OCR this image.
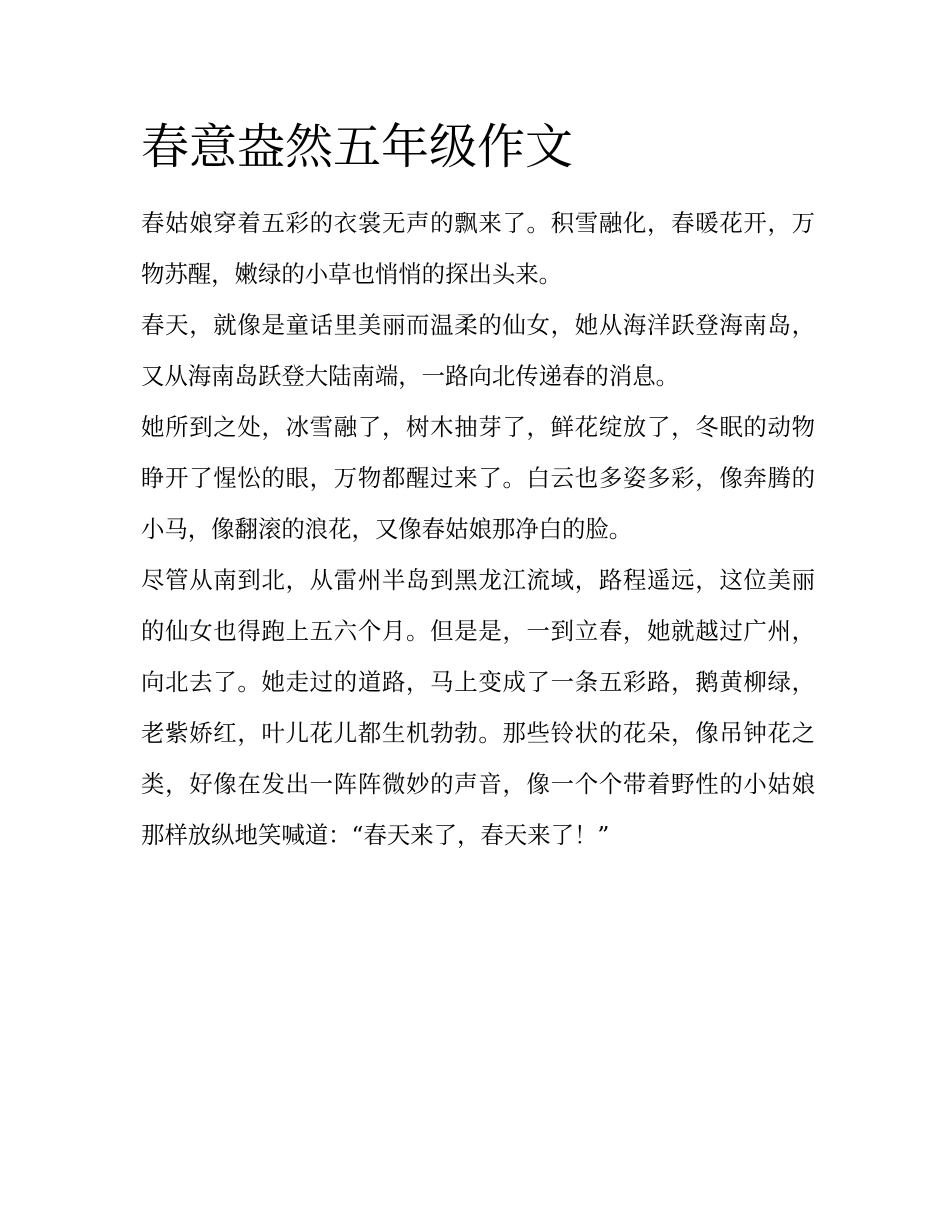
春意盎然五年级作文

春姑娘穿着五彩的衣裳无声的飘来了。积雪融化，春暖花开，万物苏醒，嫩绿的小草也悄悄的探出头来。

春天，就像是童话里美丽而温柔的仙女，她从海洋跃登海南岛，又从海南岛跃登大陆南端，一路向北传递春的消息。

她所到之处，冰雪融了，树木抽芽了，鲜花绽放了，冬眠的动物睁开了惺忪的眼，万物都醒过来了。白云也多姿多彩，像奔腾的小马，像翻滚的浪花，又像春姑娘那净白的脸。

尽管从南到北，从雷州半岛到黑龙江流域，路程遥远，这位美丽的仙女也得跑上五六个月。但是是，一到立春，她就越过广州，向北去了。她走过的道路，马上变成了一条五彩路，鹅黄柳绿，老紫娇红，叶儿花儿都生机勃勃。那些铃状的花朵，像吊钟花之类，好像在发出一阵阵微妙的声音，像一个个带着野性的小姑娘那样放纵地笑喊道：“春天来了，春天来了！”
